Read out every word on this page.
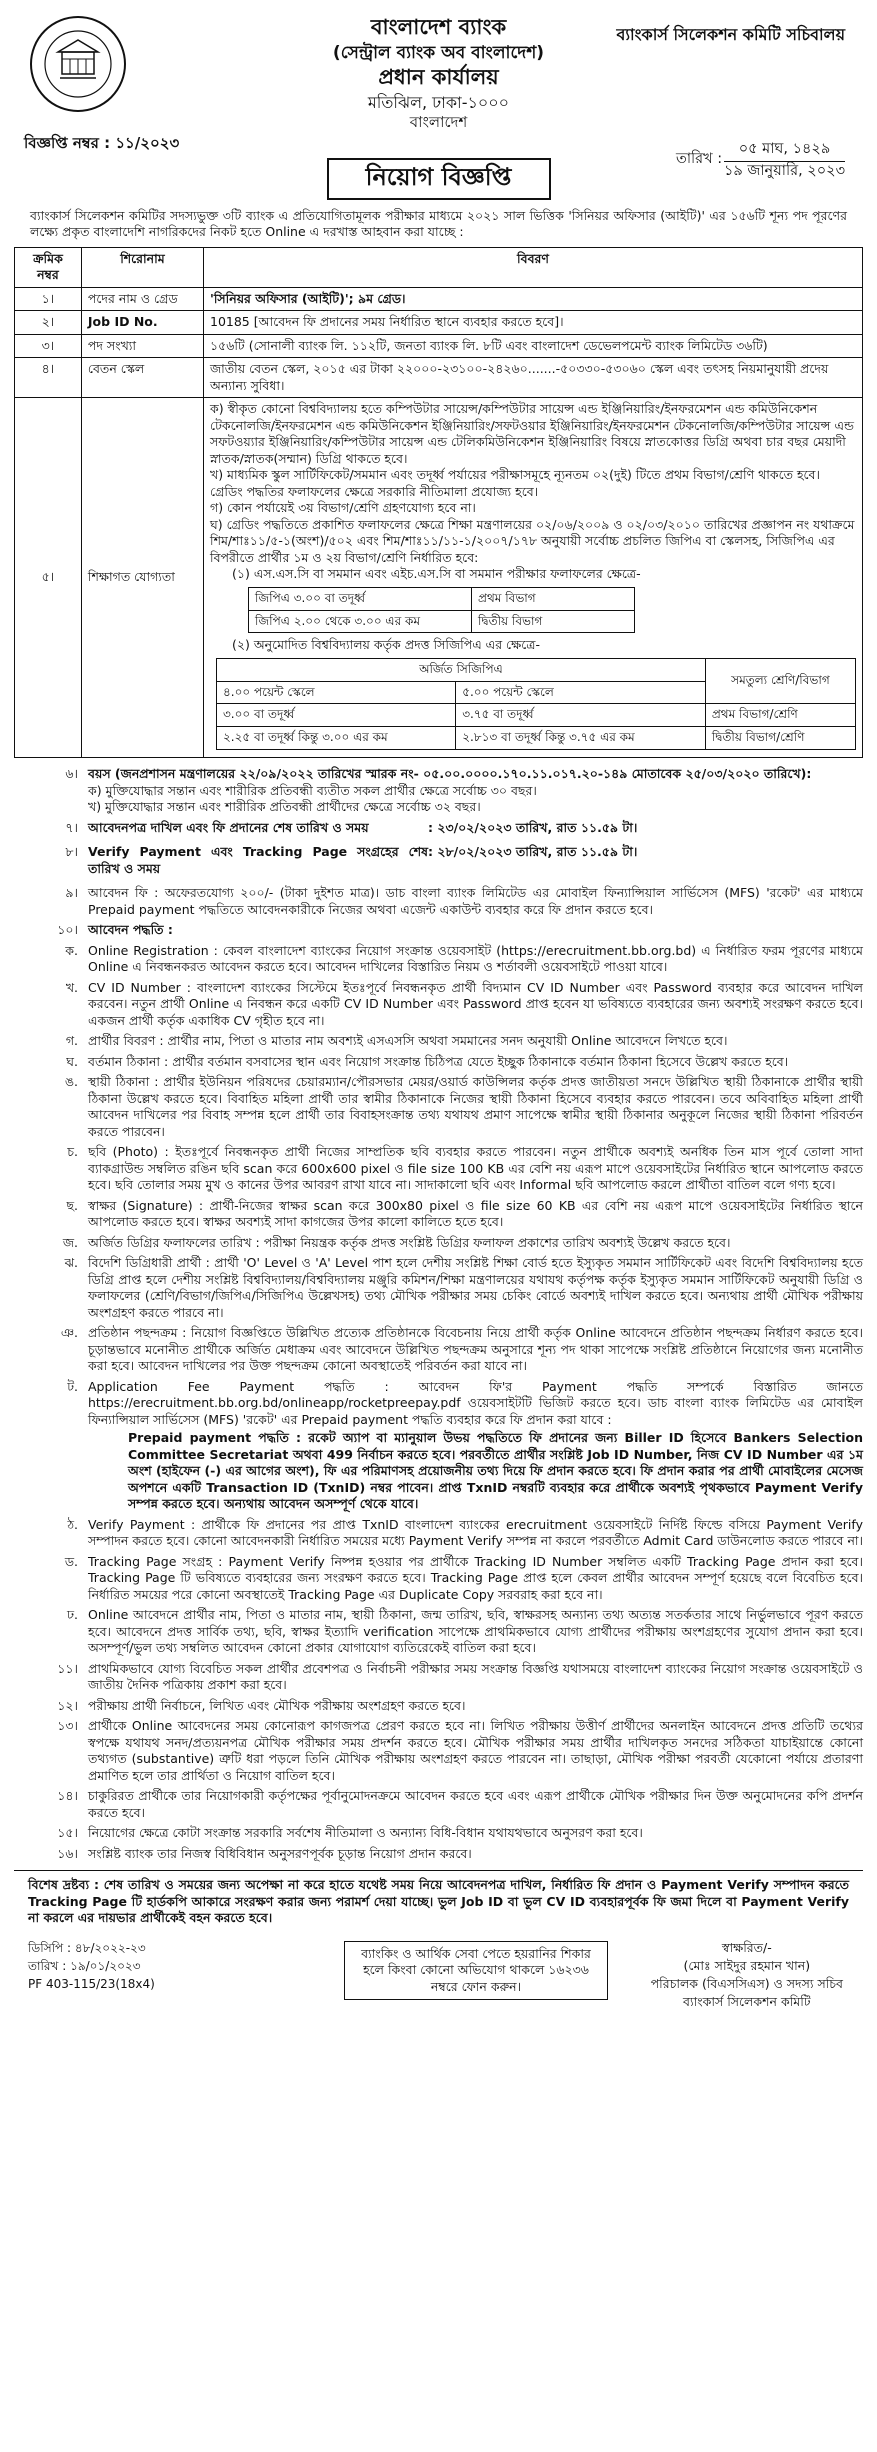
বাংলাদেশ ব্যাংক
(সেন্ট্রাল ব্যাংক অব বাংলাদেশ)
প্রধান কার্যালয়
মতিঝিল, ঢাকা-১০০০
বাংলাদেশ
ব্যাংকার্স সিলেকশন কমিটি সচিবালয়
বিজ্ঞপ্তি নম্বর : ১১/২০২৩
তারিখ :
০৫ মাঘ, ১৪২৯
১৯ জানুয়ারি, ২০২৩
নিয়োগ বিজ্ঞপ্তি
ব্যাংকার্স সিলেকশন কমিটির সদস্যভুক্ত ৩টি ব্যাংক এ প্রতিযোগিতামূলক পরীক্ষার মাধ্যমে ২০২১ সাল ভিত্তিক 'সিনিয়র অফিসার (আইটি)' এর ১৫৬টি শূন্য পদ পূরণের লক্ষ্যে প্রকৃত বাংলাদেশি নাগরিকদের নিকট হতে Online এ দরখাস্ত আহবান করা যাচ্ছে :
ক্রমিক নম্বর	শিরোনাম	বিবরণ
১।	পদের নাম ও গ্রেড	'সিনিয়র অফিসার (আইটি)'; ৯ম গ্রেড।
২।	Job ID No.	10185 [আবেদন ফি প্রদানের সময় নির্ধারিত স্থানে ব্যবহার করতে হবে]।
৩।	পদ সংখ্যা	১৫৬টি (সোনালী ব্যাংক লি. ১১২টি, জনতা ব্যাংক লি. ৮টি এবং বাংলাদেশ ডেভেলপমেন্ট ব্যাংক লিমিটেড ৩৬টি)
৪।	বেতন স্কেল	জাতীয় বেতন স্কেল, ২০১৫ এর টাকা ২২০০০-২৩১০০-২৪২৬০.......-৫০৩৩০-৫৩০৬০ স্কেল এবং তৎসহ নিয়মানুযায়ী প্রদেয় অন্যান্য সুবিধা।
৫।	শিক্ষাগত যোগ্যতা	
ক) স্বীকৃত কোনো বিশ্ববিদ্যালয় হতে কম্পিউটার সায়েন্স/কম্পিউটার সায়েন্স এন্ড ইঞ্জিনিয়ারিং/ইনফরমেশন এন্ড কমিউনিকেশন টেকনোলজি/ইনফরমেশন এন্ড কমিউনিকেশন ইঞ্জিনিয়ারিং/সফটওয়ার ইঞ্জিনিয়ারিং/ইনফরমেশন টেকনোলজি/কম্পিউটার সায়েন্স এন্ড সফটওয়্যার ইঞ্জিনিয়ারিং/কম্পিউটার সায়েন্স এন্ড টেলিকমিউনিকেশন ইঞ্জিনিয়ারিং বিষয়ে স্নাতকোত্তর ডিগ্রি অথবা চার বছর মেয়াদী স্নাতক/স্নাতক(সম্মান) ডিগ্রি থাকতে হবে।
খ) মাধ্যমিক স্কুল সার্টিফিকেট/সমমান এবং তদূর্ধ্ব পর্যায়ের পরীক্ষাসমূহে ন্যূনতম ০২(দুই) টিতে প্রথম বিভাগ/শ্রেণি থাকতে হবে। গ্রেডিং পদ্ধতির ফলাফলের ক্ষেত্রে সরকারি নীতিমালা প্রযোজ্য হবে।
গ) কোন পর্যায়েই ৩য় বিভাগ/শ্রেণি গ্রহণযোগ্য হবে না।
ঘ) গ্রেডিং পদ্ধতিতে প্রকাশিত ফলাফলের ক্ষেত্রে শিক্ষা মন্ত্রণালয়ের ০২/০৬/২০০৯ ও ০২/০৩/২০১০ তারিখের প্রজ্ঞাপন নং যথাক্রমে শিম/শাঃ১১/৫-১(অংশ)/৫০২ এবং শিম/শাঃ১১/১১-১/২০০৭/১৭৮ অনুযায়ী সর্বোচ্চ প্রচলিত জিপিএ বা স্কেলসহ, সিজিপিএ এর বিপরীতে প্রার্থীর ১ম ও ২য় বিভাগ/শ্রেণি নির্ধারিত হবে:
(১) এস.এস.সি বা সমমান এবং এইচ.এস.সি বা সমমান পরীক্ষার ফলাফলের ক্ষেত্রে-
জিপিএ ৩.০০ বা তদূর্ধ্ব	প্রথম বিভাগ
জিপিএ ২.০০ থেকে ৩.০০ এর কম	দ্বিতীয় বিভাগ
(২) অনুমোদিত বিশ্ববিদ্যালয় কর্তৃক প্রদত্ত সিজিপিএ এর ক্ষেত্রে-
অর্জিত সিজিপিএ	সমতুল্য শ্রেণি/বিভাগ
৪.০০ পয়েন্ট স্কেলে	৫.০০ পয়েন্ট স্কেলে
৩.০০ বা তদূর্ধ্ব	৩.৭৫ বা তদূর্ধ্ব	প্রথম বিভাগ/শ্রেণি
২.২৫ বা তদূর্ধ্ব কিন্তু ৩.০০ এর কম	২.৮১৩ বা তদূর্ধ্ব কিন্তু ৩.৭৫ এর কম	দ্বিতীয় বিভাগ/শ্রেণি
৬। বয়স (জনপ্রশাসন মন্ত্রণালয়ের ২২/০৯/২০২২ তারিখের স্মারক নং- ০৫.০০.০০০০.১৭০.১১.০১৭.২০-১৪৯ মোতাবেক ২৫/০৩/২০২০ তারিখে):
ক) মুক্তিযোদ্ধার সন্তান এবং শারীরিক প্রতিবন্ধী ব্যতীত সকল প্রার্থীর ক্ষেত্রে সর্বোচ্চ ৩০ বছর।
খ) মুক্তিযোদ্ধার সন্তান এবং শারীরিক প্রতিবন্ধী প্রার্থীদের ক্ষেত্রে সর্বোচ্চ ৩২ বছর।
৭। আবেদনপত্র দাখিল এবং ফি প্রদানের শেষ তারিখ ও সময়	: ২৩/০২/২০২৩ তারিখ, রাত ১১.৫৯ টা।
৮। Verify Payment এবং Tracking Page সংগ্রহের শেষ তারিখ ও সময়
: ২৮/০২/২০২৩ তারিখ, রাত ১১.৫৯ টা।
৯। আবেদন ফি : অফেরতযোগ্য ২০০/- (টাকা দুইশত মাত্র)। ডাচ বাংলা ব্যাংক লিমিটেড এর মোবাইল ফিন্যান্সিয়াল সার্ভিসেস (MFS) 'রকেট' এর মাধ্যমে Prepaid payment পদ্ধতিতে আবেদনকারীকে নিজের অথবা এজেন্ট একাউন্ট ব্যবহার করে ফি প্রদান করতে হবে।
১০। আবেদন পদ্ধতি :
ক. Online Registration : কেবল বাংলাদেশ ব্যাংকের নিয়োগ সংক্রান্ত ওয়েবসাইট (https://erecruitment.bb.org.bd) এ নির্ধারিত ফরম পূরণের মাধ্যমে Online এ নিবন্ধনকরত আবেদন করতে হবে। আবেদন দাখিলের বিস্তারিত নিয়ম ও শর্তাবলী ওয়েবসাইটে পাওয়া যাবে।
খ. CV ID Number : বাংলাদেশ ব্যাংকের সিস্টেমে ইতঃপূর্বে নিবন্ধনকৃত প্রার্থী বিদ্যমান CV ID Number এবং Password ব্যবহার করে আবেদন দাখিল করবেন। নতুন প্রার্থী Online এ নিবন্ধন করে একটি CV ID Number এবং Password প্রাপ্ত হবেন যা ভবিষ্যতে ব্যবহারের জন্য অবশ্যই সংরক্ষণ করতে হবে। একজন প্রার্থী কর্তৃক একাধিক CV গৃহীত হবে না।
গ. প্রার্থীর বিবরণ : প্রার্থীর নাম, পিতা ও মাতার নাম অবশ্যই এসএসসি অথবা সমমানের সনদ অনুযায়ী Online আবেদনে লিখতে হবে।
ঘ. বর্তমান ঠিকানা : প্রার্থীর বর্তমান বসবাসের স্থান এবং নিয়োগ সংক্রান্ত চিঠিপত্র যেতে ইচ্ছুক ঠিকানাকে বর্তমান ঠিকানা হিসেবে উল্লেখ করতে হবে।
ঙ. স্থায়ী ঠিকানা : প্রার্থীর ইউনিয়ন পরিষদের চেয়ারম্যান/পৌরসভার মেয়র/ওয়ার্ড কাউন্সিলর কর্তৃক প্রদত্ত জাতীয়তা সনদে উল্লিখিত স্থায়ী ঠিকানাকে প্রার্থীর স্থায়ী ঠিকানা উল্লেখ করতে হবে। বিবাহিত মহিলা প্রার্থী তার স্বামীর ঠিকানাকে নিজের স্থায়ী ঠিকানা হিসেবে ব্যবহার করতে পারবেন। তবে অবিবাহিত মহিলা প্রার্থী আবেদন দাখিলের পর বিবাহ সম্পন্ন হলে প্রার্থী তার বিবাহসংক্রান্ত তথ্য যথাযথ প্রমাণ সাপেক্ষে স্বামীর স্থায়ী ঠিকানার অনুকূলে নিজের স্থায়ী ঠিকানা পরিবর্তন করতে পারবেন।
চ. ছবি (Photo) : ইতঃপূর্বে নিবন্ধনকৃত প্রার্থী নিজের সাম্প্রতিক ছবি ব্যবহার করতে পারবেন। নতুন প্রার্থীকে অবশ্যই অনধিক তিন মাস পূর্বে তোলা সাদা ব্যাকগ্রাউন্ড সম্বলিত রঙিন ছবি scan করে 600x600 pixel ও file size 100 KB এর বেশি নয় এরূপ মাপে ওয়েবসাইটের নির্ধারিত স্থানে আপলোড করতে হবে। ছবি তোলার সময় মুখ ও কানের উপর আবরণ রাখা যাবে না। সাদাকালো ছবি এবং Informal ছবি আপলোড করলে প্রার্থীতা বাতিল বলে গণ্য হবে।
ছ. স্বাক্ষর (Signature) : প্রার্থী-নিজের স্বাক্ষর scan করে 300x80 pixel ও file size 60 KB এর বেশি নয় এরূপ মাপে ওয়েবসাইটের নির্ধারিত স্থানে আপলোড করতে হবে। স্বাক্ষর অবশ্যই সাদা কাগজের উপর কালো কালিতে হতে হবে।
জ. অর্জিত ডিগ্রির ফলাফলের তারিখ : পরীক্ষা নিয়ন্ত্রক কর্তৃক প্রদত্ত সংশ্লিষ্ট ডিগ্রির ফলাফল প্রকাশের তারিখ অবশ্যই উল্লেখ করতে হবে।
ঝ. বিদেশি ডিগ্রিধারী প্রার্থী : প্রার্থী 'O' Level ও 'A' Level পাশ হলে দেশীয় সংশ্লিষ্ট শিক্ষা বোর্ড হতে ইস্যুকৃত সমমান সার্টিফিকেট এবং বিদেশি বিশ্ববিদ্যালয় হতে ডিগ্রি প্রাপ্ত হলে দেশীয় সংশ্লিষ্ট বিশ্ববিদ্যালয়/বিশ্ববিদ্যালয় মঞ্জুরি কমিশন/শিক্ষা মন্ত্রণালয়ের যথাযথ কর্তৃপক্ষ কর্তৃক ইস্যুকৃত সমমান সার্টিফিকেট অনুযায়ী ডিগ্রি ও ফলাফলের (শ্রেণি/বিভাগ/জিপিএ/সিজিপিএ উল্লেখসহ) তথ্য মৌখিক পরীক্ষার সময় চেকিং বোর্ডে অবশ্যই দাখিল করতে হবে। অন্যথায় প্রার্থী মৌখিক পরীক্ষায় অংশগ্রহণ করতে পারবে না।
ঞ. প্রতিষ্ঠান পছন্দক্রম : নিয়োগ বিজ্ঞপ্তিতে উল্লিখিত প্রত্যেক প্রতিষ্ঠানকে বিবেচনায় নিয়ে প্রার্থী কর্তৃক Online আবেদনে প্রতিষ্ঠান পছন্দক্রম নির্ধারণ করতে হবে। চূড়ান্তভাবে মনোনীত প্রার্থীকে অর্জিত মেধাক্রম এবং আবেদনে উল্লিখিত পছন্দক্রম অনুসারে শূন্য পদ থাকা সাপেক্ষে সংশ্লিষ্ট প্রতিষ্ঠানে নিয়োগের জন্য মনোনীত করা হবে। আবেদন দাখিলের পর উক্ত পছন্দক্রম কোনো অবস্থাতেই পরিবর্তন করা যাবে না।
ট. Application Fee Payment পদ্ধতি : আবেদন ফি'র Payment পদ্ধতি সম্পর্কে বিস্তারিত জানতে https://erecruitment.bb.org.bd/onlineapp/rocketpreepay.pdf ওয়েবসাইটটি ভিজিট করতে হবে। ডাচ বাংলা ব্যাংক লিমিটেড এর মোবাইল ফিন্যান্সিয়াল সার্ভিসেস (MFS) 'রকেট' এর Prepaid payment পদ্ধতি ব্যবহার করে ফি প্রদান করা যাবে :
Prepaid payment পদ্ধতি : রকেট অ্যাপ বা ম্যানুয়াল উভয় পদ্ধতিতে ফি প্রদানের জন্য Biller ID হিসেবে Bankers Selection Committee Secretariat অথবা 499 নির্বাচন করতে হবে। পরবর্তীতে প্রার্থীর সংশ্লিষ্ট Job ID Number, নিজ CV ID Number এর ১ম অংশ (হাইফেন (-) এর আগের অংশ), ফি এর পরিমাণসহ প্রয়োজনীয় তথ্য দিয়ে ফি প্রদান করতে হবে। ফি প্রদান করার পর প্রার্থী মোবাইলের মেসেজ অপশনে একটি Transaction ID (TxnID) নম্বর পাবেন। প্রাপ্ত TxnID নম্বরটি ব্যবহার করে প্রার্থীকে অবশ্যই পৃথকভাবে Payment Verify সম্পন্ন করতে হবে। অন্যথায় আবেদন অসম্পূর্ণ থেকে যাবে।
ঠ. Verify Payment : প্রার্থীকে ফি প্রদানের পর প্রাপ্ত TxnID বাংলাদেশ ব্যাংকের erecruitment ওয়েবসাইটে নির্দিষ্ট ফিল্ডে বসিয়ে Payment Verify সম্পাদন করতে হবে। কোনো আবেদনকারী নির্ধারিত সময়ের মধ্যে Payment Verify সম্পন্ন না করলে পরবর্তীতে Admit Card ডাউনলোড করতে পারবে না।
ড. Tracking Page সংগ্রহ : Payment Verify নিষ্পন্ন হওয়ার পর প্রার্থীকে Tracking ID Number সম্বলিত একটি Tracking Page প্রদান করা হবে। Tracking Page টি ভবিষ্যতে ব্যবহারের জন্য সংরক্ষণ করতে হবে। Tracking Page প্রাপ্ত হলে কেবল প্রার্থীর আবেদন সম্পূর্ণ হয়েছে বলে বিবেচিত হবে। নির্ধারিত সময়ের পরে কোনো অবস্থাতেই Tracking Page এর Duplicate Copy সরবরাহ করা হবে না।
ঢ. Online আবেদনে প্রার্থীর নাম, পিতা ও মাতার নাম, স্থায়ী ঠিকানা, জন্ম তারিখ, ছবি, স্বাক্ষরসহ অন্যান্য তথ্য অত্যন্ত সতর্কতার সাথে নির্ভুলভাবে পূরণ করতে হবে। আবেদনে প্রদত্ত সার্বিক তথ্য, ছবি, স্বাক্ষর ইত্যাদি verification সাপেক্ষে প্রাথমিকভাবে যোগ্য প্রার্থীদের পরীক্ষায় অংশগ্রহণের সুযোগ প্রদান করা হবে। অসম্পূর্ণ/ভুল তথ্য সম্বলিত আবেদন কোনো প্রকার যোগাযোগ ব্যতিরেকেই বাতিল করা হবে।
১১। প্রাথমিকভাবে যোগ্য বিবেচিত সকল প্রার্থীর প্রবেশপত্র ও নির্বাচনী পরীক্ষার সময় সংক্রান্ত বিজ্ঞপ্তি যথাসময়ে বাংলাদেশ ব্যাংকের নিয়োগ সংক্রান্ত ওয়েবসাইটে ও জাতীয় দৈনিক পত্রিকায় প্রকাশ করা হবে।
১২। পরীক্ষায় প্রার্থী নির্বাচনে, লিখিত এবং মৌখিক পরীক্ষায় অংশগ্রহণ করতে হবে।
১৩। প্রার্থীকে Online আবেদনের সময় কোনোরূপ কাগজপত্র প্রেরণ করতে হবে না। লিখিত পরীক্ষায় উত্তীর্ণ প্রার্থীদের অনলাইন আবেদনে প্রদত্ত প্রতিটি তথ্যের স্বপক্ষে যথাযথ সনদ/প্রত্যয়নপত্র মৌখিক পরীক্ষার সময় প্রদর্শন করতে হবে। মৌখিক পরীক্ষার সময় প্রার্থীর দাখিলকৃত সনদের সঠিকতা যাচাইয়ান্তে কোনো তথ্যগত (substantive) ত্রুটি ধরা পড়লে তিনি মৌখিক পরীক্ষায় অংশগ্রহণ করতে পারবেন না। তাছাড়া, মৌখিক পরীক্ষা পরবর্তী যেকোনো পর্যায়ে প্রতারণা প্রমাণিত হলে তার প্রার্থিতা ও নিয়োগ বাতিল হবে।
১৪। চাকুরিরত প্রার্থীকে তার নিয়োগকারী কর্তৃপক্ষের পূর্বানুমোদনক্রমে আবেদন করতে হবে এবং এরূপ প্রার্থীকে মৌখিক পরীক্ষার দিন উক্ত অনুমোদনের কপি প্রদর্শন করতে হবে।
১৫। নিয়োগের ক্ষেত্রে কোটা সংক্রান্ত সরকারি সর্বশেষ নীতিমালা ও অন্যান্য বিধি-বিধান যথাযথভাবে অনুসরণ করা হবে।
১৬। সংশ্লিষ্ট ব্যাংক তার নিজস্ব বিধিবিধান অনুসরণপূর্বক চূড়ান্ত নিয়োগ প্রদান করবে।
বিশেষ দ্রষ্টব্য : শেষ তারিখ ও সময়ের জন্য অপেক্ষা না করে হাতে যথেষ্ট সময় নিয়ে আবেদনপত্র দাখিল, নির্ধারিত ফি প্রদান ও Payment Verify সম্পাদন করতে Tracking Page টি হার্ডকপি আকারে সংরক্ষণ করার জন্য পরামর্শ দেয়া যাচ্ছে। ভুল Job ID বা ভুল CV ID ব্যবহারপূর্বক ফি জমা দিলে বা Payment Verify না করলে এর দায়ভার প্রার্থীকেই বহন করতে হবে।
ডিসিপি : ৪৮/২০২২-২৩
তারিখ : ১৯/০১/২০২৩
PF 403-115/23(18x4)
ব্যাংকিং ও আর্থিক সেবা পেতে হয়রানির শিকার হলে কিংবা কোনো অভিযোগ থাকলে ১৬২৩৬ নম্বরে ফোন করুন।
স্বাক্ষরিত/-
(মোঃ সাইদুর রহমান খান)
পরিচালক (বিএসসিএস) ও সদস্য সচিব
ব্যাংকার্স সিলেকশন কমিটি
